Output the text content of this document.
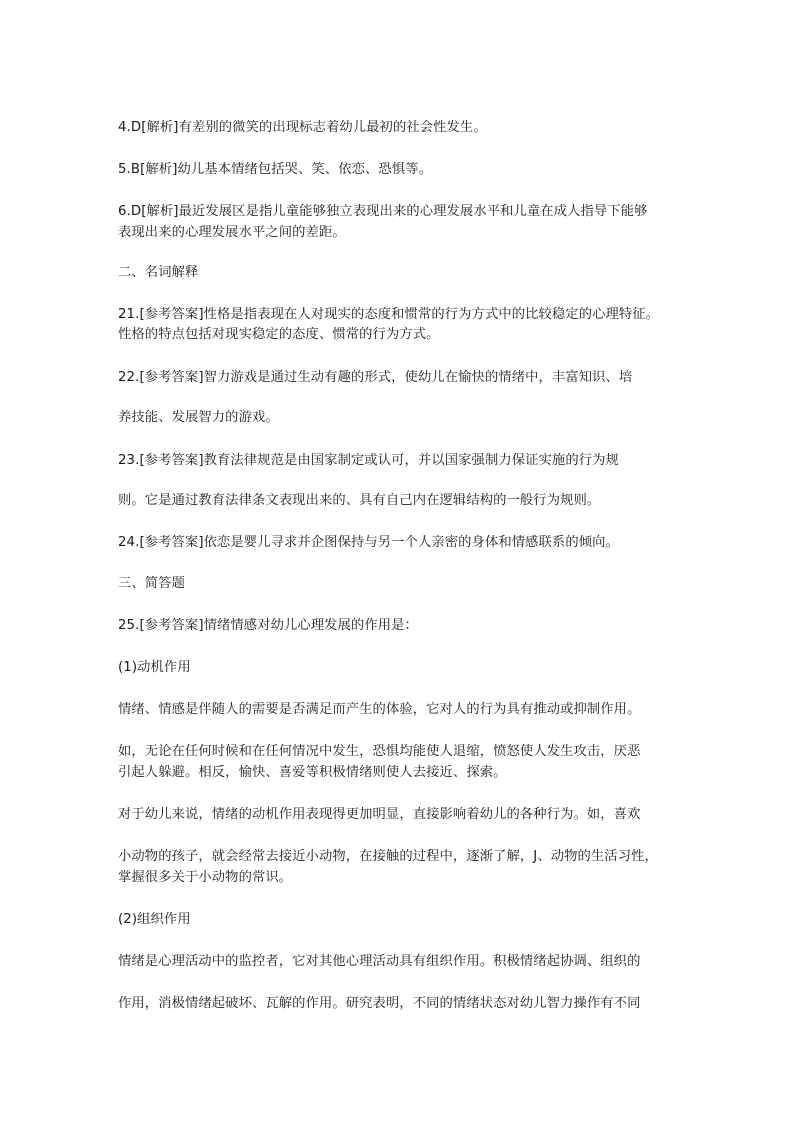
4.D[解析]有差别的微笑的出现标志着幼儿最初的社会性发生。
5.B[解析]幼儿基本情绪包括哭、笑、依恋、恐惧等。
6.D[解析]最近发展区是指儿童能够独立表现出来的心理发展水平和儿童在成人指导下能够
表现出来的心理发展水平之间的差距。
二、名词解释
21.[参考答案]性格是指表现在人对现实的态度和惯常的行为方式中的比较稳定的心理特征。
性格的特点包括对现实稳定的态度、惯常的行为方式。
22.[参考答案]智力游戏是通过生动有趣的形式，使幼儿在愉快的情绪中，丰富知识、培
养技能、发展智力的游戏。
23.[参考答案]教育法律规范是由国家制定或认可，并以国家强制力保证实施的行为规
则。它是通过教育法律条文表现出来的、具有自己内在逻辑结构的一般行为规则。
24.[参考答案]依恋是婴儿寻求并企图保持与另一个人亲密的身体和情感联系的倾向。
三、简答题
25.[参考答案]情绪情感对幼儿心理发展的作用是：
(1)动机作用
情绪、情感是伴随人的需要是否满足而产生的体验，它对人的行为具有推动或抑制作用。
如，无论在任何时候和在任何情况中发生，恐惧均能使人退缩，愤怒使人发生攻击，厌恶
引起人躲避。相反，愉快、喜爱等积极情绪则使人去接近、探索。
对于幼儿来说，情绪的动机作用表现得更加明显，直接影响着幼儿的各种行为。如，喜欢
小动物的孩子，就会经常去接近小动物，在接触的过程中，逐渐了解，J、动物的生活习性，
掌握很多关于小动物的常识。
(2)组织作用
情绪是心理活动中的监控者，它对其他心理活动具有组织作用。积极情绪起协调、组织的
作用，消极情绪起破坏、瓦解的作用。研究表明，不同的情绪状态对幼儿智力操作有不同
